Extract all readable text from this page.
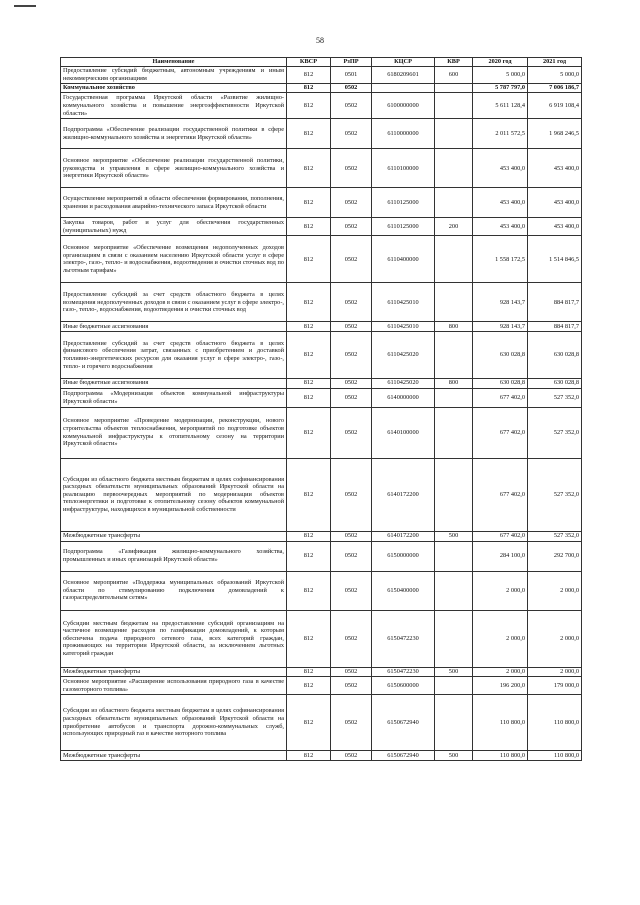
58
Наименование	КВСР	РзПР	КЦСР	КВР	2020 год	2021 год
Предоставление субсидий бюджетным, автономным учреждениям и иным некоммерческим организациям	812	0501	6180209601	600	5 000,0	5 000,0
Коммунальное хозяйство	812	0502			5 787 797,0	7 006 186,7
Государственная программа Иркутской области «Развитие жилищно-коммунального хозяйства и повышение энергоэффективности Иркутской области»	812	0502	6100000000		5 611 128,4	6 919 108,4
Подпрограмма «Обеспечение реализации государственной политики в сфере жилищно-коммунального хозяйства и энергетики Иркутской области»	812	0502	6110000000		2 011 572,5	1 968 246,5
Основное мероприятие «Обеспечение реализации государственной политики, руководства и управления в сфере жилищно-коммунального хозяйства и энергетики Иркутской области»	812	0502	6110100000		453 400,0	453 400,0
Осуществление мероприятий в области обеспечения формирования, пополнения, хранения и расходования аварийно-технического запаса Иркутской области	812	0502	6110125000		453 400,0	453 400,0
Закупка товаров, работ и услуг для обеспечения государственных (муниципальных) нужд	812	0502	6110125000	200	453 400,0	453 400,0
Основное мероприятие «Обеспечение возмещения недополученных доходов организациям в связи с оказанием населению Иркутской области услуг в сфере электро-, газо-, тепло- и водоснабжения, водоотведения и очистки сточных вод по льготным тарифам»	812	0502	6110400000		1 558 172,5	1 514 846,5
Предоставление субсидий за счет средств областного бюджета в целях возмещения недополученных доходов в связи с оказанием услуг в сфере электро-, газо-, тепло-, водоснабжения, водоотведения и очистки сточных вод	812	0502	6110425010		928 143,7	884 817,7
Иные бюджетные ассигнования	812	0502	6110425010	800	928 143,7	884 817,7
Предоставление субсидий за счет средств областного бюджета в целях финансового обеспечения затрат, связанных с приобретением и доставкой топливно-энергетических ресурсов для оказания услуг в сфере электро-, газо-, тепло- и горячего водоснабжения	812	0502	6110425020		630 028,8	630 028,8
Иные бюджетные ассигнования	812	0502	6110425020	800	630 028,8	630 028,8
Подпрограмма «Модернизация объектов коммунальной инфраструктуры Иркутской области»	812	0502	6140000000		677 402,0	527 352,0
Основное мероприятие «Проведение модернизации, реконструкции, нового строительства объектов теплоснабжения, мероприятий по подготовке объектов коммунальной инфраструктуры к отопительному сезону на территории Иркутской области»	812	0502	6140100000		677 402,0	527 352,0
Субсидии из областного бюджета местным бюджетам в целях софинансирования расходных обязательств муниципальных образований Иркутской области на реализацию первоочередных мероприятий по модернизации объектов теплоэнергетики и подготовке к отопительному сезону объектов коммунальной инфраструктуры, находящихся в муниципальной собственности	812	0502	6140172200		677 402,0	527 352,0
Межбюджетные трансферты	812	0502	6140172200	500	677 402,0	527 352,0
Подпрограмма «Газификация жилищно-коммунального хозяйства, промышленных и иных организаций Иркутской области»	812	0502	6150000000		284 100,0	292 700,0
Основное мероприятие «Поддержка муниципальных образований Иркутской области по стимулированию подключения домовладений к газораспределительным сетям»	812	0502	6150400000		2 000,0	2 000,0
Субсидии местным бюджетам на предоставление субсидий организациям на частичное возмещение расходов по газификации домовладений, к которым обеспечена подача природного сетевого газа, всех категорий граждан, проживающих на территории Иркутской области, за исключением льготных категорий граждан	812	0502	6150472230		2 000,0	2 000,0
Межбюджетные трансферты	812	0502	6150472230	500	2 000,0	2 000,0
Основное мероприятие «Расширение использования природного газа в качестве газомоторного топлива»	812	0502	6150600000		196 200,0	179 000,0
Субсидии из областного бюджета местным бюджетам в целях софинансирования расходных обязательств муниципальных образований Иркутской области на приобретение автобусов и транспорта дорожно-коммунальных служб, использующих природный газ в качестве моторного топлива	812	0502	6150672940		110 800,0	110 800,0
Межбюджетные трансферты	812	0502	6150672940	500	110 800,0	110 800,0
